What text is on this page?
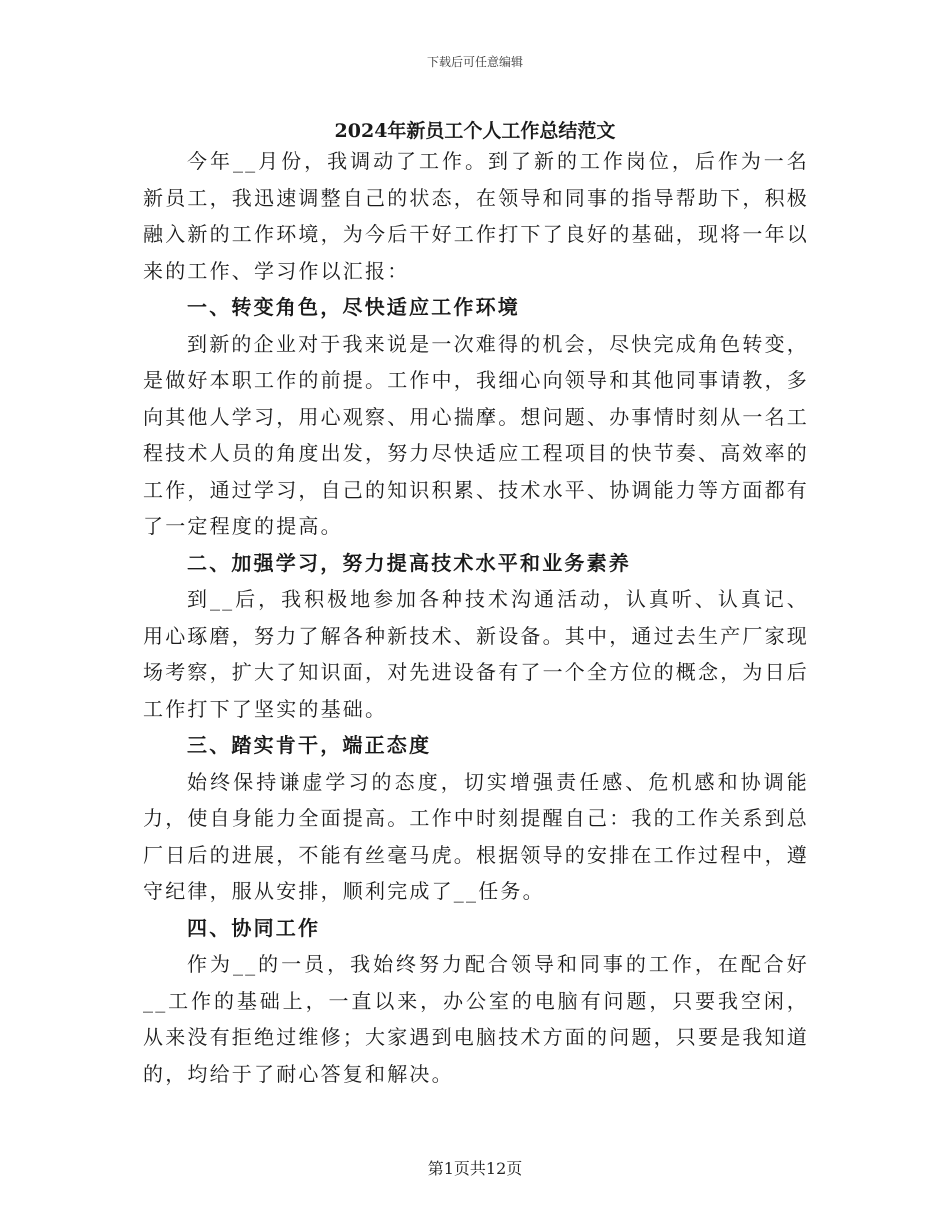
下载后可任意编辑
2024年新员工个人工作总结范文

今年__月份，我调动了工作。到了新的工作岗位，后作为一名新员工，我迅速调整自己的状态，在领导和同事的指导帮助下，积极融入新的工作环境，为今后干好工作打下了良好的基础，现将一年以来的工作、学习作以汇报：

一、转变角色，尽快适应工作环境

到新的企业对于我来说是一次难得的机会，尽快完成角色转变，是做好本职工作的前提。工作中，我细心向领导和其他同事请教，多向其他人学习，用心观察、用心揣摩。想问题、办事情时刻从一名工程技术人员的角度出发，努力尽快适应工程项目的快节奏、高效率的工作，通过学习，自己的知识积累、技术水平、协调能力等方面都有了一定程度的提高。

二、加强学习，努力提高技术水平和业务素养

到__后，我积极地参加各种技术沟通活动，认真听、认真记、用心琢磨，努力了解各种新技术、新设备。其中，通过去生产厂家现场考察，扩大了知识面，对先进设备有了一个全方位的概念，为日后工作打下了坚实的基础。

三、踏实肯干，端正态度

始终保持谦虚学习的态度，切实增强责任感、危机感和协调能力，使自身能力全面提高。工作中时刻提醒自己：我的工作关系到总厂日后的进展，不能有丝毫马虎。根据领导的安排在工作过程中，遵守纪律，服从安排，顺利完成了__任务。

四、协同工作

作为__的一员，我始终努力配合领导和同事的工作，在配合好__工作的基础上，一直以来，办公室的电脑有问题，只要我空闲，从来没有拒绝过维修；大家遇到电脑技术方面的问题，只要是我知道的，均给于了耐心答复和解决。

第1页共12页
